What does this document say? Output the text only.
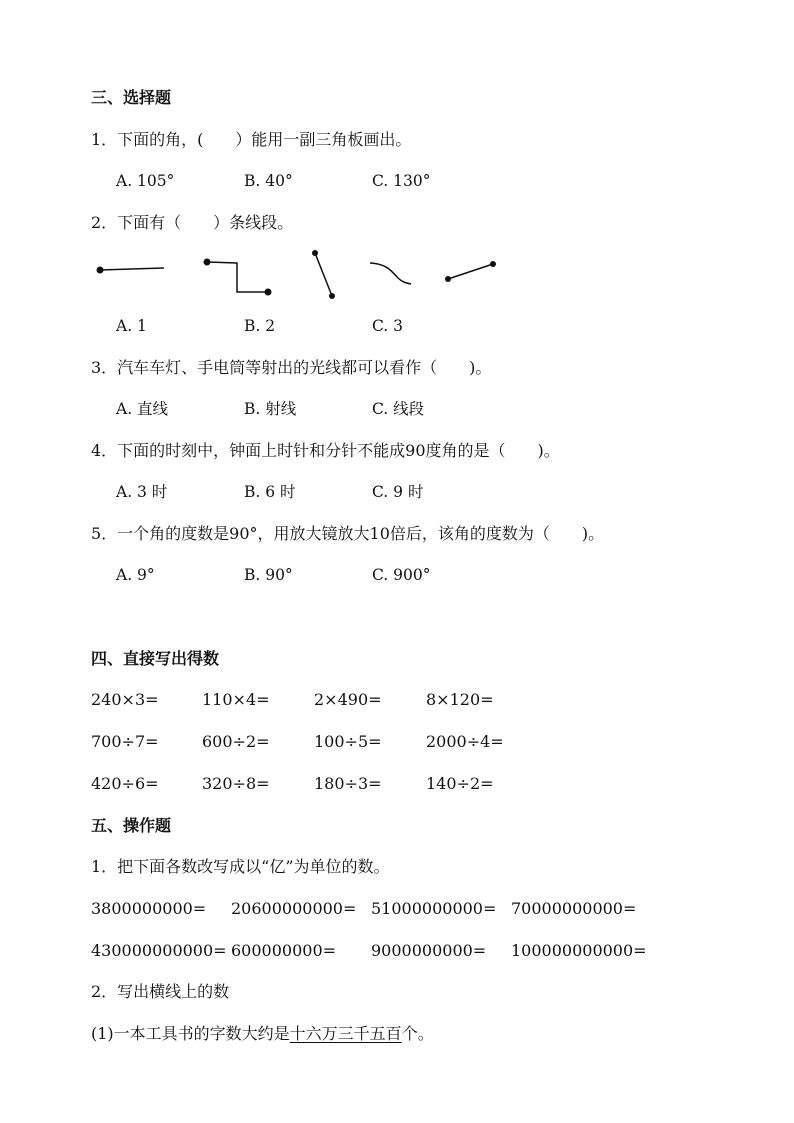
三、选择题
1．下面的角，(　　）能用一副三角板画出。
A. 105°	B. 40°	C. 130°
2．下面有（　　）条线段。
A. 1	B. 2	C. 3
3．汽车车灯、手电筒等射出的光线都可以看作（　　)。
A. 直线	B. 射线	C. 线段
4．下面的时刻中，钟面上时针和分针不能成90度角的是（　　)。
A. 3 时	B. 6 时	C. 9 时
5．一个角的度数是90°，用放大镜放大10倍后，该角的度数为（　　)。
A. 9°	B. 90°	C. 900°
四、直接写出得数
240×3=	110×4=	2×490=	8×120=
700÷7=	600÷2=	100÷5=	2000÷4=
420÷6=	320÷8=	180÷3=	140÷2=
五、操作题
1．把下面各数改写成以“亿”为单位的数。
3800000000= 20600000000= 51000000000= 70000000000=
430000000000= 600000000= 9000000000= 100000000000=
2．写出横线上的数
(1)一本工具书的字数大约是十六万三千五百个。
